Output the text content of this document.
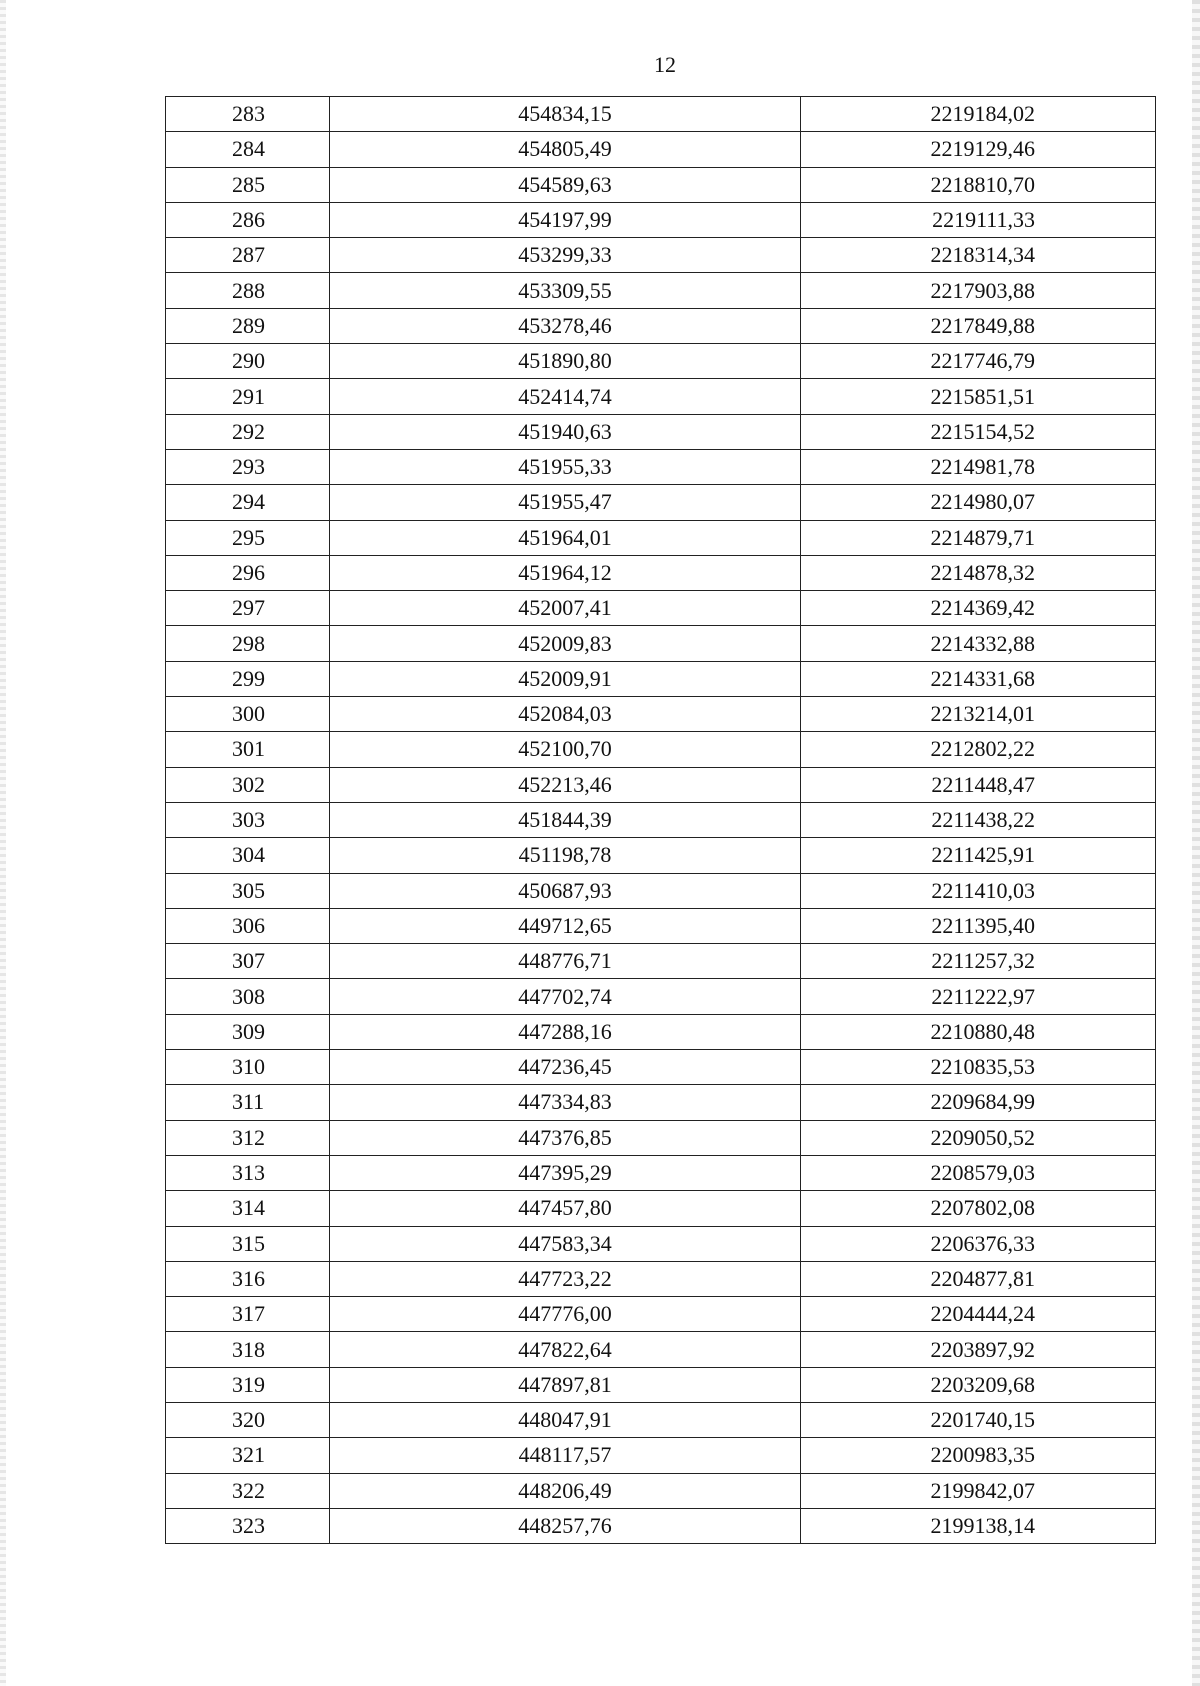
12
283	454834,15	2219184,02
284	454805,49	2219129,46
285	454589,63	2218810,70
286	454197,99	2219111,33
287	453299,33	2218314,34
288	453309,55	2217903,88
289	453278,46	2217849,88
290	451890,80	2217746,79
291	452414,74	2215851,51
292	451940,63	2215154,52
293	451955,33	2214981,78
294	451955,47	2214980,07
295	451964,01	2214879,71
296	451964,12	2214878,32
297	452007,41	2214369,42
298	452009,83	2214332,88
299	452009,91	2214331,68
300	452084,03	2213214,01
301	452100,70	2212802,22
302	452213,46	2211448,47
303	451844,39	2211438,22
304	451198,78	2211425,91
305	450687,93	2211410,03
306	449712,65	2211395,40
307	448776,71	2211257,32
308	447702,74	2211222,97
309	447288,16	2210880,48
310	447236,45	2210835,53
311	447334,83	2209684,99
312	447376,85	2209050,52
313	447395,29	2208579,03
314	447457,80	2207802,08
315	447583,34	2206376,33
316	447723,22	2204877,81
317	447776,00	2204444,24
318	447822,64	2203897,92
319	447897,81	2203209,68
320	448047,91	2201740,15
321	448117,57	2200983,35
322	448206,49	2199842,07
323	448257,76	2199138,14
